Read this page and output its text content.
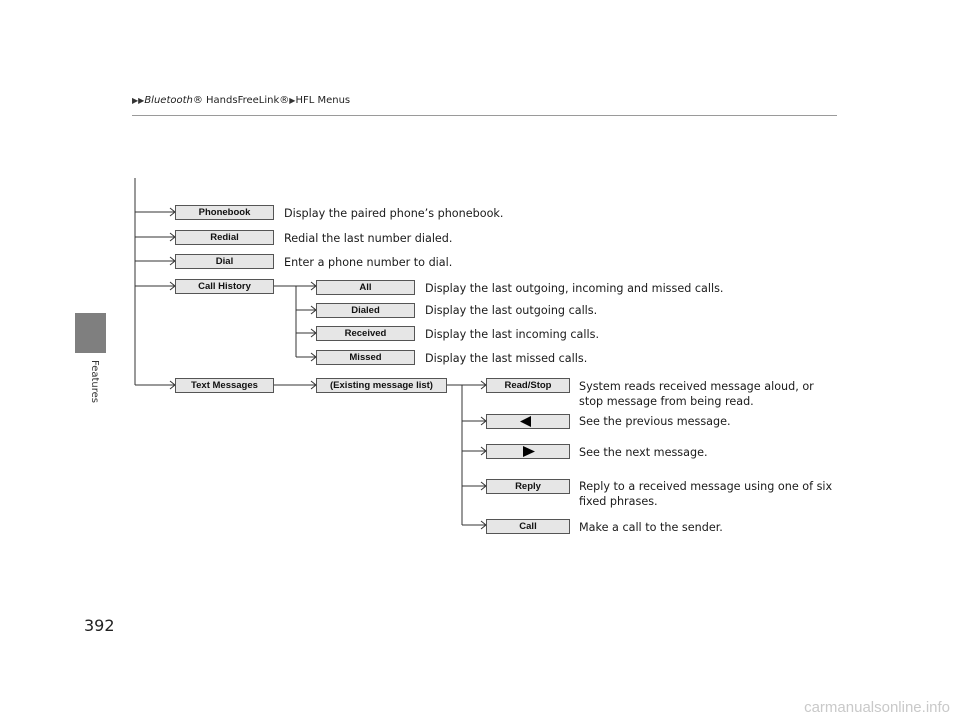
Features
▶▶Bluetooth® HandsFreeLink®▶HFL Menus
Phonebook	Display the paired phone’s phonebook.
Redial	Redial the last number dialed.
Dial	Enter a phone number to dial.
Call History	All	Display the last outgoing, incoming and missed calls.
Dialed	Display the last outgoing calls.
Received	Display the last incoming calls.
Missed	Display the last missed calls.
Text Messages	(Existing message list)	Read/Stop	System reads received message aloud, or
stop message from being read.
See the previous message.
See the next message.
Reply	Reply to a received message using one of six
fixed phrases.
Call	Make a call to the sender.
392
carmanualsonline.info
